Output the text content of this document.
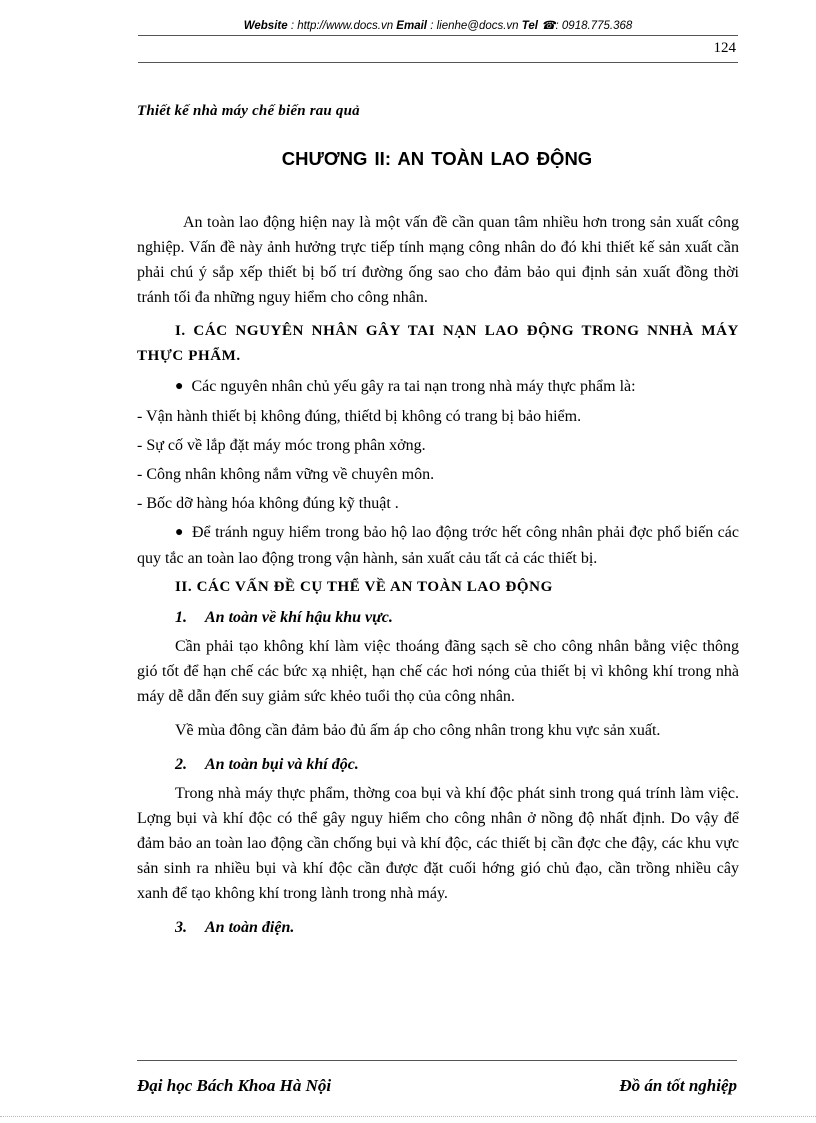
Website : http://www.docs.vn Email : lienhe@docs.vn Tel ☎: 0918.775.368
124
Thiết kế nhà máy chế biến rau quả
CHƯƠNG II: AN TOÀN LAO ĐỘNG

An toàn lao động hiện nay là một vấn đề cần quan tâm nhiều hơn trong sản xuất công nghiệp. Vấn đề này ảnh hưởng trực tiếp tính mạng công nhân do đó khi thiết kế sản xuất cần phải chú ý sắp xếp thiết bị bố trí đường ống sao cho đảm bảo qui định sản xuất đồng thời tránh tối đa những nguy hiểm cho công nhân.

I. CÁC NGUYÊN NHÂN GÂY TAI NẠN LAO ĐỘNG TRONG NNHÀ MÁY THỰC PHẨM.

● Các nguyên nhân chủ yếu gây ra tai nạn trong nhà máy thực phẩm là:

- Vận hành thiết bị không đúng, thiếtd bị không có trang bị bảo hiểm.

- Sự cố về lắp đặt máy móc trong phân xởng.

- Công nhân không nắm vững về chuyên môn.

- Bốc dỡ hàng hóa không đúng kỹ thuật .

● Để tránh nguy hiểm trong bảo hộ lao động trớc hết công nhân phải đợc phổ biến các quy tắc an toàn lao động trong vận hành, sản xuất cảu tất cả các thiết bị.

II. CÁC VẤN ĐỀ CỤ THỂ VỀ AN TOÀN LAO ĐỘNG

1. An toàn về khí hậu khu vực.

Cần phải tạo không khí làm việc thoáng đãng sạch sẽ cho công nhân bằng việc thông gió tốt để hạn chế các bức xạ nhiệt, hạn chế các hơi nóng của thiết bị vì không khí trong nhà máy dễ dẫn đến suy giảm sức khẻo tuổi thọ của công nhân.

Về mùa đông cần đảm bảo đủ ấm áp cho công nhân trong khu vực sản xuất.

2. An toàn bụi và khí độc.

Trong nhà máy thực phẩm, thờng coa bụi và khí độc phát sinh trong quá trính làm việc. Lợng bụi và khí độc có thể gây nguy hiểm cho công nhân ở nồng độ nhất định. Do vậy để đảm bảo an toàn lao động cần chống bụi và khí độc, các thiết bị cần đợc che đậy, các khu vực sản sinh ra nhiều bụi và khí độc cần được đặt cuối hớng gió chủ đạo, cần trồng nhiều cây xanh để tạo không khí trong lành trong nhà máy.

3. An toàn điện.

Đại học Bách Khoa Hà Nội	Đồ án tốt nghiệp
